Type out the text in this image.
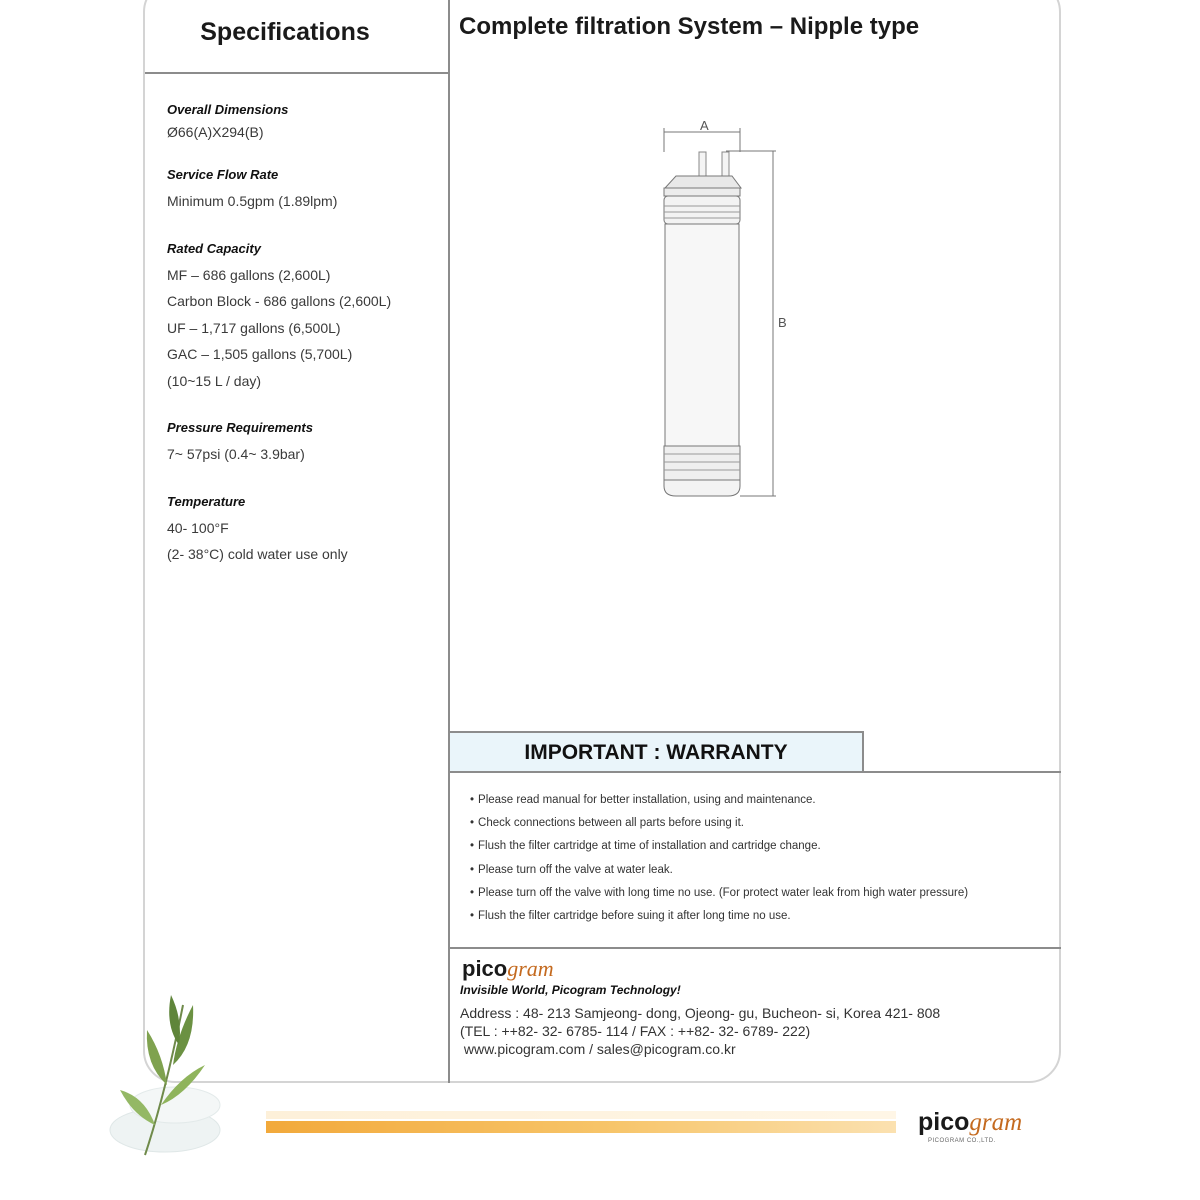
Specifications	Complete filtration System – Nipple type
Overall Dimensions
Ø66(A)X294(B)
Service Flow Rate
Minimum 0.5gpm (1.89lpm)
Rated Capacity
MF – 686 gallons (2,600L)
Carbon Block - 686 gallons (2,600L)
UF – 1,717 gallons (6,500L)
GAC – 1,505 gallons (5,700L)
(10~15 L / day)
Pressure Requirements
7~ 57psi (0.4~ 3.9bar)
Temperature
40- 100°F
(2- 38°C) cold water use only
A
B
IMPORTANT : WARRANTY
• Please read manual for better installation, using and maintenance.
• Check connections between all parts before using it.
• Flush the filter cartridge at time of installation and cartridge change.
• Please turn off the valve at water leak.
• Please turn off the valve with long time no use. (For protect water leak from high water pressure)
• Flush the filter cartridge before suing it after long time no use.
picogram
Invisible World, Picogram Technology!
Address : 48- 213 Samjeong- dong, Ojeong- gu, Bucheon- si, Korea 421- 808
(TEL : ++82- 32- 6785- 114 / FAX : ++82- 32- 6789- 222)
www.picogram.com / sales@picogram.co.kr
picogram
PICOGRAM CO.,LTD.
